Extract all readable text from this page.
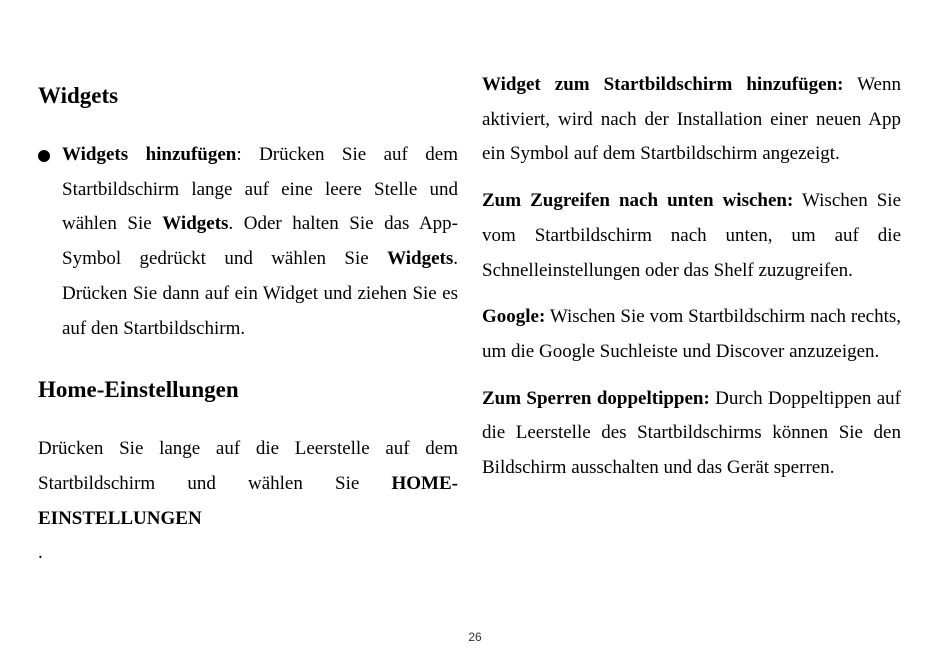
Widgets

Widgets hinzufügen: Drücken Sie auf dem Startbildschirm lange auf eine leere Stelle und wählen Sie Widgets. Oder halten Sie das App-Symbol gedrückt und wählen Sie Widgets. Drücken Sie dann auf ein Widget und ziehen Sie es auf den Startbildschirm.

Home-Einstellungen

Drücken Sie lange auf die Leerstelle auf dem
Startbildschirm und wählen Sie HOME-EINSTELLUNGEN
.

Widget zum Startbildschirm hinzufügen: Wenn aktiviert, wird nach der Installation einer neuen App ein Symbol auf dem Startbildschirm angezeigt.

Zum Zugreifen nach unten wischen: Wischen Sie vom Startbildschirm nach unten, um auf die Schnelleinstellungen oder das Shelf zuzugreifen.

Google: Wischen Sie vom Startbildschirm nach rechts, um die Google Suchleiste und Discover anzuzeigen.

Zum Sperren doppeltippen: Durch Doppeltippen auf die Leerstelle des Startbildschirms können Sie den Bildschirm ausschalten und das Gerät sperren.

26
